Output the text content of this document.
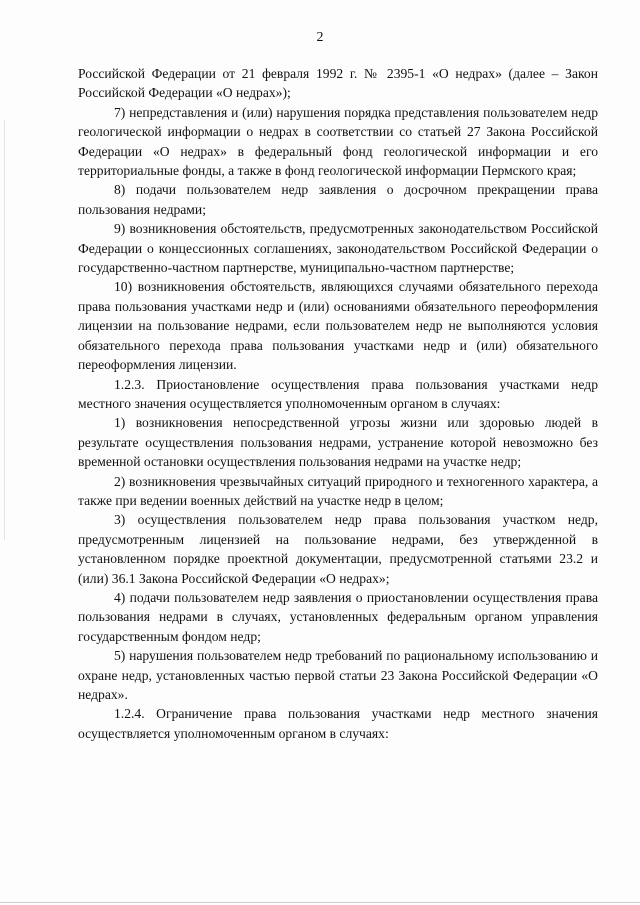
2

Российской Федерации от 21 февраля 1992 г. № 2395-1 «О недрах» (далее – Закон Российской Федерации «О недрах»);

7) непредставления и (или) нарушения порядка представления пользователем недр геологической информации о недрах в соответствии со статьей 27 Закона Российской Федерации «О недрах» в федеральный фонд геологической информации и его территориальные фонды, а также в фонд геологической информации Пермского края;

8) подачи пользователем недр заявления о досрочном прекращении права пользования недрами;

9) возникновения обстоятельств, предусмотренных законодательством Российской Федерации о концессионных соглашениях, законодательством Российской Федерации о государственно-частном партнерстве, муниципально-частном партнерстве;

10) возникновения обстоятельств, являющихся случаями обязательного перехода права пользования участками недр и (или) основаниями обязательного переоформления лицензии на пользование недрами, если пользователем недр не выполняются условия обязательного перехода права пользования участками недр и (или) обязательного переоформления лицензии.

1.2.3. Приостановление осуществления права пользования участками недр местного значения осуществляется уполномоченным органом в случаях:

1) возникновения непосредственной угрозы жизни или здоровью людей в результате осуществления пользования недрами, устранение которой невозможно без временной остановки осуществления пользования недрами на участке недр;

2) возникновения чрезвычайных ситуаций природного и техногенного характера, а также при ведении военных действий на участке недр в целом;

3) осуществления пользователем недр права пользования участком недр, предусмотренным лицензией на пользование недрами, без утвержденной в установленном порядке проектной документации, предусмотренной статьями 23.2 и (или) 36.1 Закона Российской Федерации «О недрах»;

4) подачи пользователем недр заявления о приостановлении осуществления права пользования недрами в случаях, установленных федеральным органом управления государственным фондом недр;

5) нарушения пользователем недр требований по рациональному использованию и охране недр, установленных частью первой статьи 23 Закона Российской Федерации «О недрах».

1.2.4. Ограничение права пользования участками недр местного значения осуществляется уполномоченным органом в случаях:
